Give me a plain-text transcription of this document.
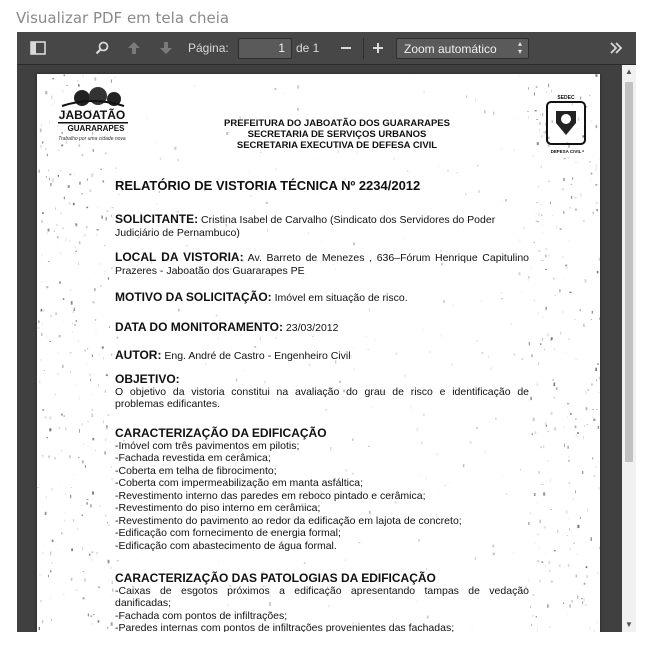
Visualizar PDF em tela cheia
Página:	1 de 1	Zoom automático	▴
▾
JABOATÃO
GUARARAPES
Trabalho por uma cidade nova
SEDEC
DEFESA CIVIL
PREFEITURA DO JABOATÃO DOS GUARARAPES
SECRETARIA DE SERVIÇOS URBANOS
SECRETARIA EXECUTIVA DE DEFESA CIVIL
RELATÓRIO DE VISTORIA TÉCNICA Nº 2234/2012
SOLICITANTE: Cristina Isabel de Carvalho (Sindicato dos Servidores do Poder Judiciário de Pernambuco)
LOCAL DA VISTORIA: Av. Barreto de Menezes , 636–Fórum Henrique Capitulino Prazeres - Jaboatão dos Guararapes PE
MOTIVO DA SOLICITAÇÃO: Imóvel em situação de risco.
DATA DO MONITORAMENTO: 23/03/2012
AUTOR: Eng. André de Castro - Engenheiro Civil
OBJETIVO:
O objetivo da vistoria constitui na avaliação do grau de risco e identificação de problemas edificantes.
CARACTERIZAÇÃO DA EDIFICAÇÃO
-Imóvel com três pavimentos em pilotis;
-Fachada revestida em cerâmica;
-Coberta em telha de fibrocimento;
-Coberta com impermeabilização em manta asfáltica;
-Revestimento interno das paredes em reboco pintado e cerâmica;
-Revestimento do piso interno em cerâmica;
-Revestimento do pavimento ao redor da edificação em lajota de concreto;
-Edificação com fornecimento de energia formal;
-Edificação com abastecimento de água formal.
CARACTERIZAÇÃO DAS PATOLOGIAS DA EDIFICAÇÃO
-Caixas de esgotos próximos a edificação apresentando tampas de vedação danificadas;
-Fachada com pontos de infiltrações;
-Paredes internas com pontos de infiltrações provenientes das fachadas;
▲
▼
